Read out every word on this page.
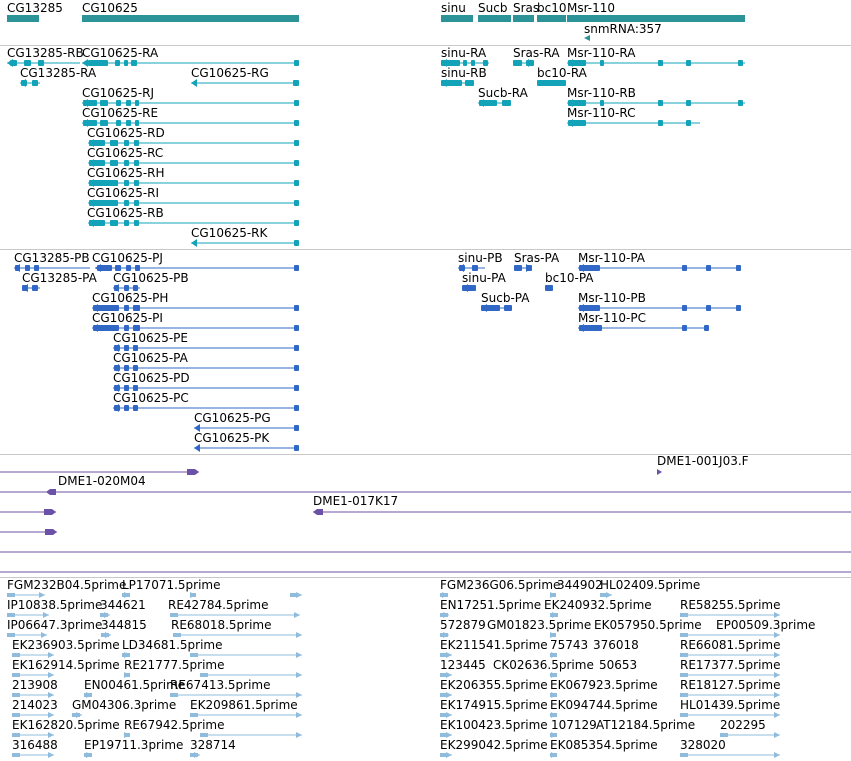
CG13285 CG10625	sinu Sucb Sras
bc10 Msr-110
snmRNA:357
CG13285-RB
CG10625-RA	sinu-RA Sras-RA Msr-110-RA
CG13285-RA	CG10625-RG	sinu-RB	bc10-RA
CG10625-RJ	Sucb-RA	Msr-110-RB
CG10625-RE	Msr-110-RC
CG10625-RD
CG10625-RC
CG10625-RH
CG10625-RI
CG10625-RB
CG10625-RK
CG13285-PB CG10625-PJ	sinu-PB Sras-PA Msr-110-PA
CG13285-PA CG10625-PB	sinu-PA	bc10-PA
CG10625-PH	Sucb-PA	Msr-110-PB
CG10625-PI	Msr-110-PC
CG10625-PE
CG10625-PA
CG10625-PD
CG10625-PC
CG10625-PG
CG10625-PK
DME1-001J03.F
DME1-020M04
DME1-017K17
FGM232B04.5prime
LP17071.5prime	FGM236G06.5prime
344902
HL02409.5prime
IP10838.5prime
344621 RE42784.5prime	EN17251.5prime EK240932.5prime RE58255.5prime
IP06647.3prime
344815 RE68018.5prime	572879 GM01823.5prime EK057950.5prime EP00509.3prime
EK236903.5prime LD34681.5prime	EK211541.5prime 75743 376018	RE66081.5prime
EK162914.5prime RE21777.5prime	123445 CK02636.5prime 50653	RE17377.5prime
213908 EN00461.5prime
RE67413.5prime	EK206355.5prime EK067923.5prime RE18127.5prime
214023 GM04306.3prime EK209861.5prime	EK174915.5prime EK094744.5prime HL01439.5prime
EK162820.5prime RE67942.5prime	EK100423.5prime 107129 AT12184.5prime 202295
316488 EP19711.3prime 328714	EK299042.5prime EK085354.5prime 328020
